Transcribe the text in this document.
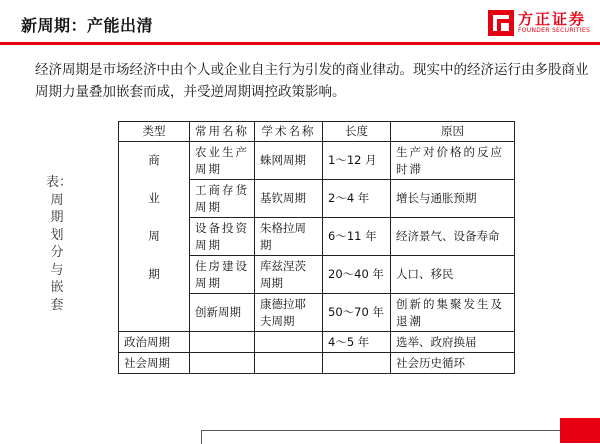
新周期：产能出清	方正证券
FOUNDER SECURITIES
经济周期是市场经济中由个人或企业自主行为引发的商业律动。现实中的经济运行由多股商业周期力量叠加嵌套而成，并受逆周期调控政策影响。
表：周期划分与嵌套
类型	常用名称	学术名称	长度	原因
商	农业生产周期	蛛网周期	1～12 月	生产对价格的反应时滞
业	工商存货周期	基钦周期	2～4 年	增长与通胀预期
周	设备投资周期	朱格拉周期	6～11 年	经济景气、设备寿命
期	住房建设周期	库兹涅茨周期	20～40 年	人口、移民
	创新周期	康德拉耶夫周期	50～70 年	创新的集聚发生及退潮
政治周期			4～5 年	选举、政府换届
社会周期				社会历史循环
